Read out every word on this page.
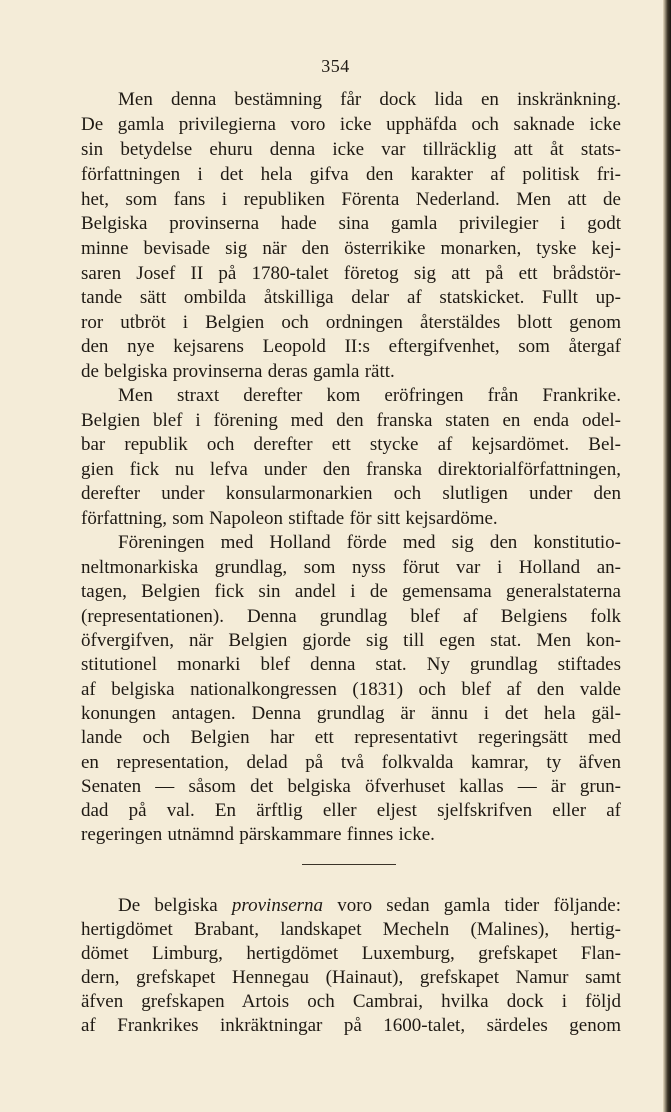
354
Men denna bestämning får dock lida en inskränkning.
De gamla privilegierna voro icke upphäfda och saknade icke
sin betydelse ehuru denna icke var tillräcklig att åt stats-
författningen i det hela gifva den karakter af politisk fri-
het, som fans i republiken Förenta Nederland. Men att de
Belgiska provinserna hade sina gamla privilegier i godt
minne bevisade sig när den österrikike monarken, tyske kej-
saren Josef II på 1780-talet företog sig att på ett brådstör-
tande sätt ombilda åtskilliga delar af statskicket. Fullt up-
ror utbröt i Belgien och ordningen återstäldes blott genom
den nye kejsarens Leopold II:s eftergifvenhet, som återgaf
de belgiska provinserna deras gamla rätt.
Men straxt derefter kom eröfringen från Frankrike.
Belgien blef i förening med den franska staten en enda odel-
bar republik och derefter ett stycke af kejsardömet. Bel-
gien fick nu lefva under den franska direktorialförfattningen,
derefter under konsularmonarkien och slutligen under den
författning, som Napoleon stiftade för sitt kejsardöme.
Föreningen med Holland förde med sig den konstitutio-
neltmonarkiska grundlag, som nyss förut var i Holland an-
tagen, Belgien fick sin andel i de gemensama generalstaterna
(representationen). Denna grundlag blef af Belgiens folk
öfvergifven, när Belgien gjorde sig till egen stat. Men kon-
stitutionel monarki blef denna stat. Ny grundlag stiftades
af belgiska nationalkongressen (1831) och blef af den valde
konungen antagen. Denna grundlag är ännu i det hela gäl-
lande och Belgien har ett representativt regeringsätt med
en representation, delad på två folkvalda kamrar, ty äfven
Senaten — såsom det belgiska öfverhuset kallas — är grun-
dad på val. En ärftlig eller eljest sjelfskrifven eller af
regeringen utnämnd pärskammare finnes icke.
De belgiska provinserna voro sedan gamla tider följande:
hertigdömet Brabant, landskapet Mecheln (Malines), hertig-
dömet Limburg, hertigdömet Luxemburg, grefskapet Flan-
dern, grefskapet Hennegau (Hainaut), grefskapet Namur samt
äfven grefskapen Artois och Cambrai, hvilka dock i följd
af Frankrikes inkräktningar på 1600-talet, särdeles genom
